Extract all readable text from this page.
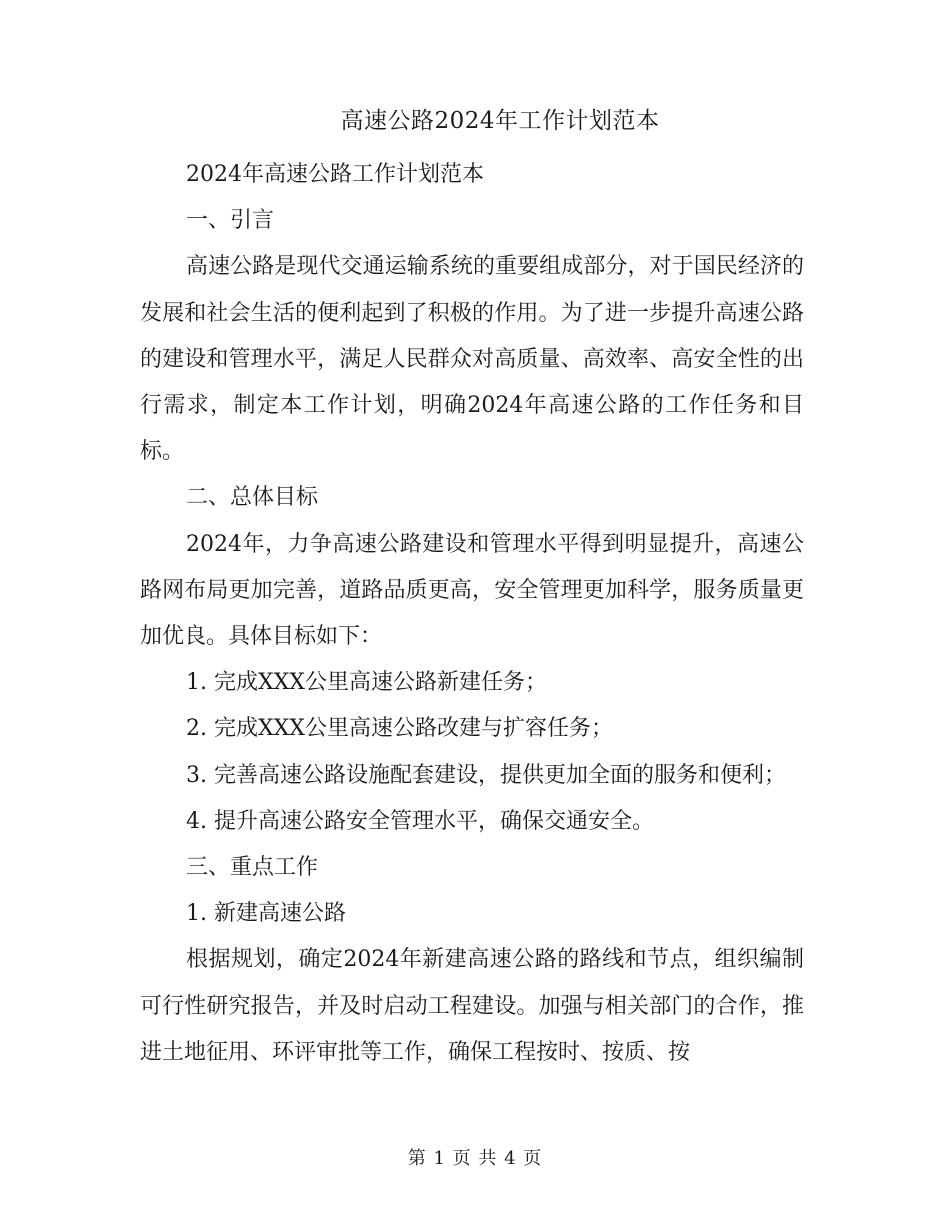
高速公路2024年工作计划范本

2024年高速公路工作计划范本

一、引言

高速公路是现代交通运输系统的重要组成部分，对于国民经济的发展和社会生活的便利起到了积极的作用。为了进一步提升高速公路的建设和管理水平，满足人民群众对高质量、高效率、高安全性的出行需求，制定本工作计划，明确2024年高速公路的工作任务和目标。

二、总体目标

2024年，力争高速公路建设和管理水平得到明显提升，高速公路网布局更加完善，道路品质更高，安全管理更加科学，服务质量更加优良。具体目标如下：

1. 完成XXX公里高速公路新建任务；

2. 完成XXX公里高速公路改建与扩容任务；

3. 完善高速公路设施配套建设，提供更加全面的服务和便利；

4. 提升高速公路安全管理水平，确保交通安全。

三、重点工作

1. 新建高速公路

根据规划，确定2024年新建高速公路的路线和节点，组织编制可行性研究报告，并及时启动工程建设。加强与相关部门的合作，推进土地征用、环评审批等工作，确保工程按时、按质、按

第 1 页 共 4 页
